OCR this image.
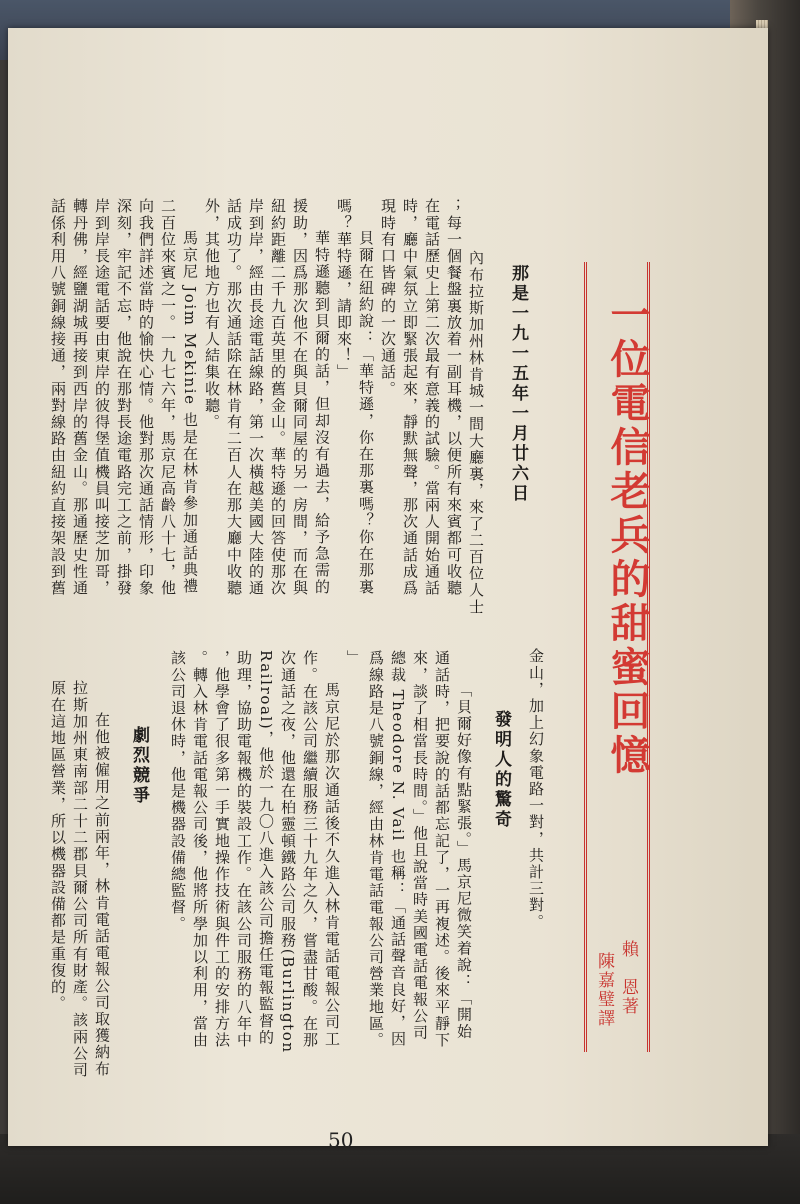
一位電信老兵的甜蜜回憶
賴　恩著
陳嘉璧譯
那是一九一五年一月廿六日
內布拉斯加州林肯城一間大廳裏，來了二百位人士
；每一個餐盤裏放着一副耳機，以便所有來賓都可收聽
在電話歷史上第二次最有意義的試驗。當兩人開始通話
時，廳中氣氛立即緊張起來，靜默無聲，那次通話成爲
現時有口皆碑的一次通話。
貝爾在紐約說：「華特遜，你在那裏嗎？你在那裏
嗎？華特遜，請即來！」
華特遜聽到貝爾的話，但却沒有過去，給予急需的
援助，因爲那次他不在與貝爾同屋的另一房間，而在與
紐約距離二千九百英里的舊金山。華特遜的回答使那次
岸到岸，經由長途電話線路，第一次橫越美國大陸的通
話成功了。那次通話除在林肯有二百人在那大廳中收聽
外，其他地方也有人結集收聽。
馬京尼 Joim Mekinie 也是在林肯參加通話典禮
二百位來賓之一。一九七六年，馬京尼高齡八十七，他
向我們詳述當時的愉快心情。他對那次通話情形，印象
深刻，牢記不忘，他說在那對長途電路完工之前，掛發
岸到岸長途電話要由東岸的彼得堡值機員叫接芝加哥，
轉丹佛，經鹽湖城再接到西岸的舊金山。那通歷史性通
話係利用八號銅線接通，兩對線路由紐約直接架設到舊
金山，加上幻象電路一對，共計三對。
發明人的驚奇
「貝爾好像有點緊張。」馬京尼微笑着說：「開始
通話時，把要說的話都忘記了，一再複述。後來平靜下
來，談了相當長時間。」他且說當時美國電話電報公司
總裁 Theodore N. Vail 也稱：「通話聲音良好，因
爲線路是八號銅線，經由林肯電話電報公司營業地區。
」
馬京尼於那次通話後不久進入林肯電話電報公司工
作。在該公司繼續服務三十九年之久，嘗盡甘酸。在那
次通話之夜，他還在柏靈頓鐵路公司服務(Burlington
Railroal)，他於一九〇八進入該公司擔任電報監督的
助理，協助電報機的裝設工作。在該公司服務的八年中
，他學會了很多第一手實地操作技術與件工的安排方法
。轉入林肯電話電報公司後，他將所學加以利用，當由
該公司退休時，他是機器設備總監督。
劇烈競爭
在他被僱用之前兩年，林肯電話電報公司取獲納布
拉斯加州東南部二十二郡貝爾公司所有財產。該兩公司
原在這地區營業，所以機器設備都是重復的。
50
